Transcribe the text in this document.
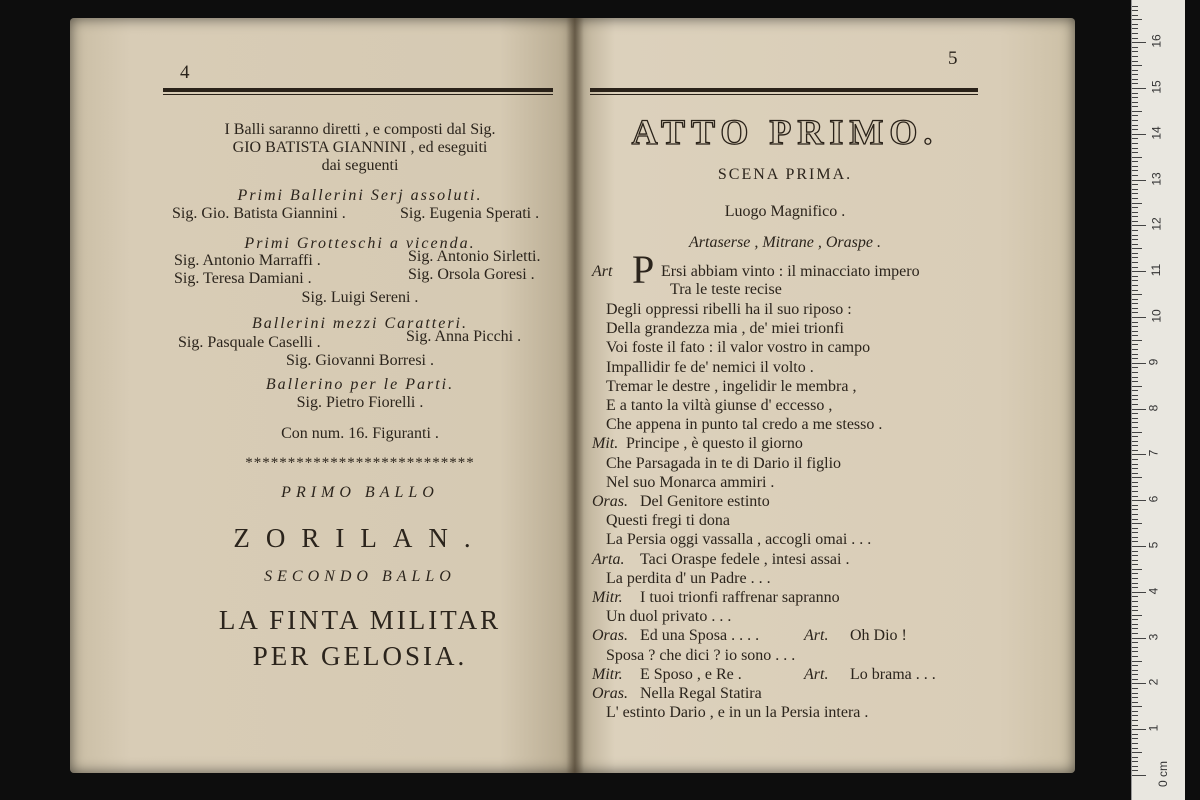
4
I Balli saranno diretti , e composti dal Sig.
GIO BATISTA GIANNINI , ed eseguiti
dai seguenti
Primi Ballerini Serj assoluti.
Sig. Gio. Batista Giannini .	Sig. Eugenia Sperati .
Primi Grotteschi a vicenda.
Sig. Antonio Marraffi .	Sig. Antonio Sirletti.
Sig. Teresa Damiani .	Sig. Orsola Goresi .
Sig. Luigi Sereni .
Ballerini mezzi Caratteri.
Sig. Pasquale Caselli .	Sig. Anna Picchi .
Sig. Giovanni Borresi .
Ballerino per le Parti.
Sig. Pietro Fiorelli .
Con num. 16. Figuranti .
***************************
PRIMO BALLO
ZORILAN.
SECONDO BALLO
LA FINTA MILITAR
PER GELOSIA.
5
ATTO PRIMO.
SCENA PRIMA.
Luogo Magnifico .
Artaserse , Mitrane , Oraspe .
Art P Ersi abbiam vinto : il minacciato impero
Tra le teste recise
Degli oppressi ribelli ha il suo riposo :
Della grandezza mia , de' miei trionfi
Voi foste il fato : il valor vostro in campo
Impallidir fe de' nemici il volto .
Tremar le destre , ingelidir le membra ,
E a tanto la viltà giunse d' eccesso ,
Che appena in punto tal credo a me stesso .
Mit. Principe , è questo il giorno
Che Parsagada in te di Dario il figlio
Nel suo Monarca ammiri .
Oras. Del Genitore estinto
Questi fregi ti dona
La Persia oggi vassalla , accogli omai . . .
Arta. Taci Oraspe fedele , intesi assai .
La perdita d' un Padre . . .
Mitr. I tuoi trionfi raffrenar sapranno
Un duol privato . . .
Oras. Ed una Sposa . . . .	Art. Oh Dio !
Sposa ? che dici ? io sono . . .
Mitr. E Sposo , e Re .	Art. Lo brama . . .
Oras. Nella Regal Statira
L' estinto Dario , e in un la Persia intera .
0 cm
1
2
3
4
5
6
7
8
9
10
11
12
13
14
15
16
